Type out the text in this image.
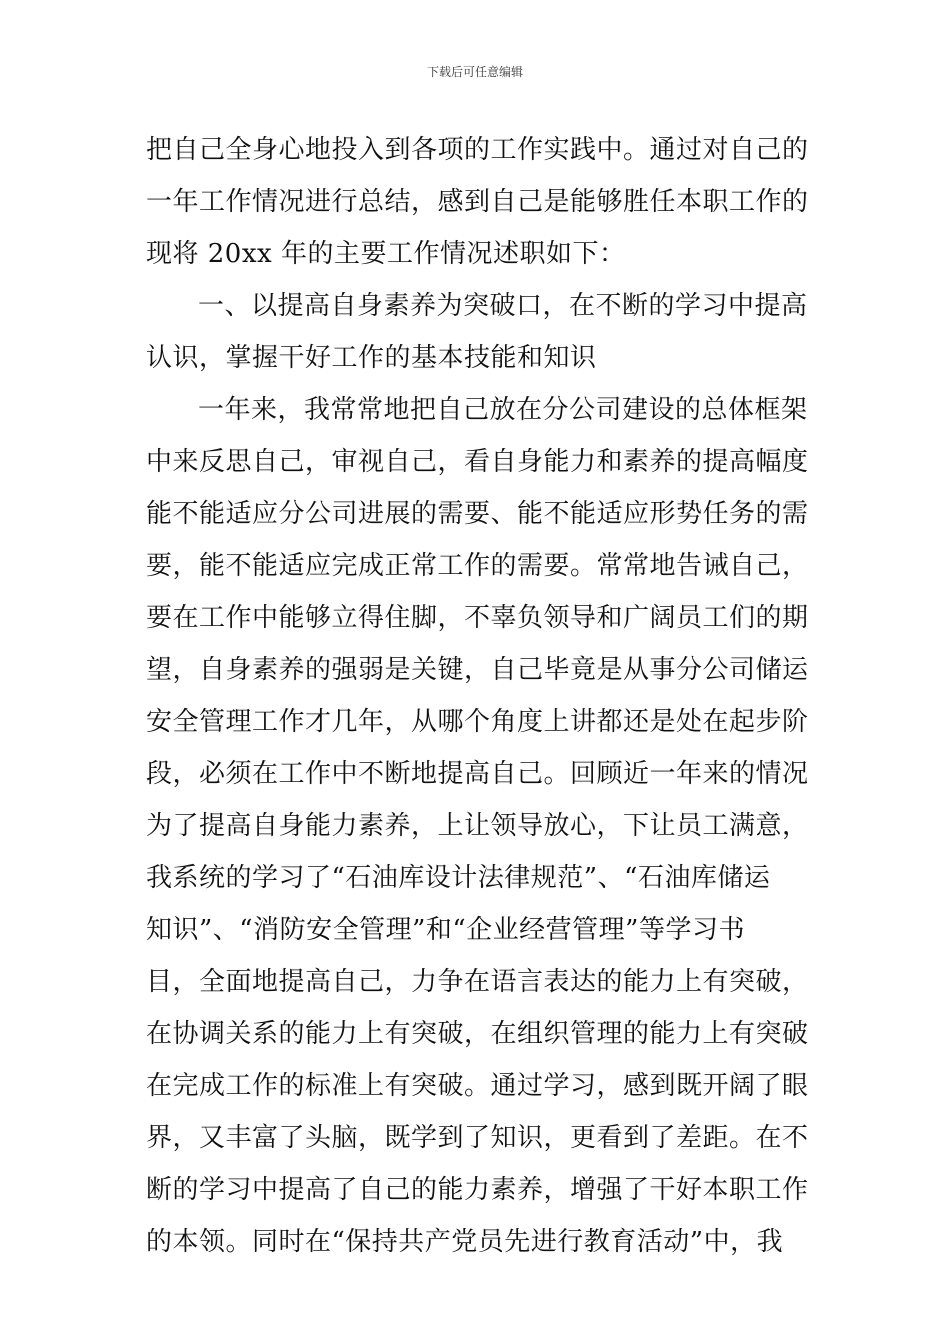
下载后可任意编辑
把自己全身心地投入到各项的工作实践中。通过对自己的
一年工作情况进行总结，感到自己是能够胜任本职工作的
现将 20xx 年的主要工作情况述职如下：
一、以提高自身素养为突破口，在不断的学习中提高
认识，掌握干好工作的基本技能和知识
一年来，我常常地把自己放在分公司建设的总体框架
中来反思自己，审视自己，看自身能力和素养的提高幅度
能不能适应分公司进展的需要、能不能适应形势任务的需
要，能不能适应完成正常工作的需要。常常地告诫自己，
要在工作中能够立得住脚，不辜负领导和广阔员工们的期
望，自身素养的强弱是关键，自己毕竟是从事分公司储运
安全管理工作才几年，从哪个角度上讲都还是处在起步阶
段，必须在工作中不断地提高自己。回顾近一年来的情况
为了提高自身能力素养，上让领导放心，下让员工满意，
我系统的学习了“石油库设计法律规范”、“石油库储运
知识”、“消防安全管理”和“企业经营管理”等学习书
目，全面地提高自己，力争在语言表达的能力上有突破，
在协调关系的能力上有突破，在组织管理的能力上有突破
在完成工作的标准上有突破。通过学习，感到既开阔了眼
界，又丰富了头脑，既学到了知识，更看到了差距。在不
断的学习中提高了自己的能力素养，增强了干好本职工作
的本领。同时在“保持共产党员先进行教育活动”中，我
